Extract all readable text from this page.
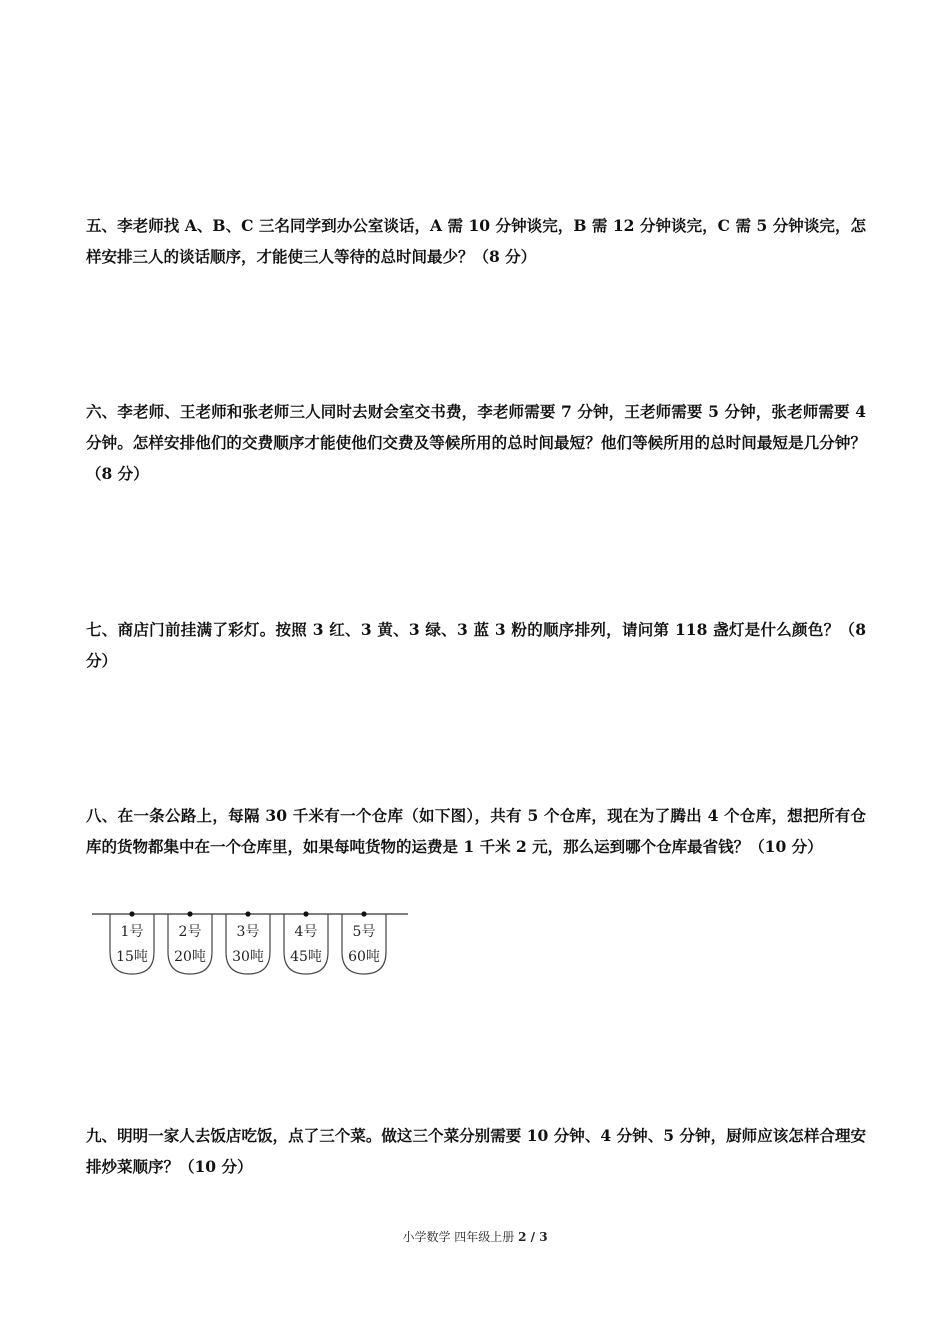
五、李老师找 A、B、C 三名同学到办公室谈话，A 需 10 分钟谈完，B 需 12 分钟谈完，C 需 5 分钟谈完，怎样安排三人的谈话顺序，才能使三人等待的总时间最少？（8 分）
六、李老师、王老师和张老师三人同时去财会室交书费，李老师需要 7 分钟，王老师需要 5 分钟，张老师需要 4 分钟。怎样安排他们的交费顺序才能使他们交费及等候所用的总时间最短？他们等候所用的总时间最短是几分钟？（8 分）
七、商店门前挂满了彩灯。按照 3 红、3 黄、3 绿、3 蓝 3 粉的顺序排列，请问第 118 盏灯是什么颜色？（8 分）
八、在一条公路上，每隔 30 千米有一个仓库（如下图），共有 5 个仓库，现在为了腾出 4 个仓库，想把所有仓库的货物都集中在一个仓库里，如果每吨货物的运费是 1 千米 2 元，那么运到哪个仓库最省钱？（10 分）
1号
15吨
2号
20吨
3号
30吨
4号
45吨
5号
60吨
九、明明一家人去饭店吃饭，点了三个菜。做这三个菜分别需要 10 分钟、4 分钟、5 分钟，厨师应该怎样合理安排炒菜顺序？（10 分）
小学数学 四年级上册 2 / 3
